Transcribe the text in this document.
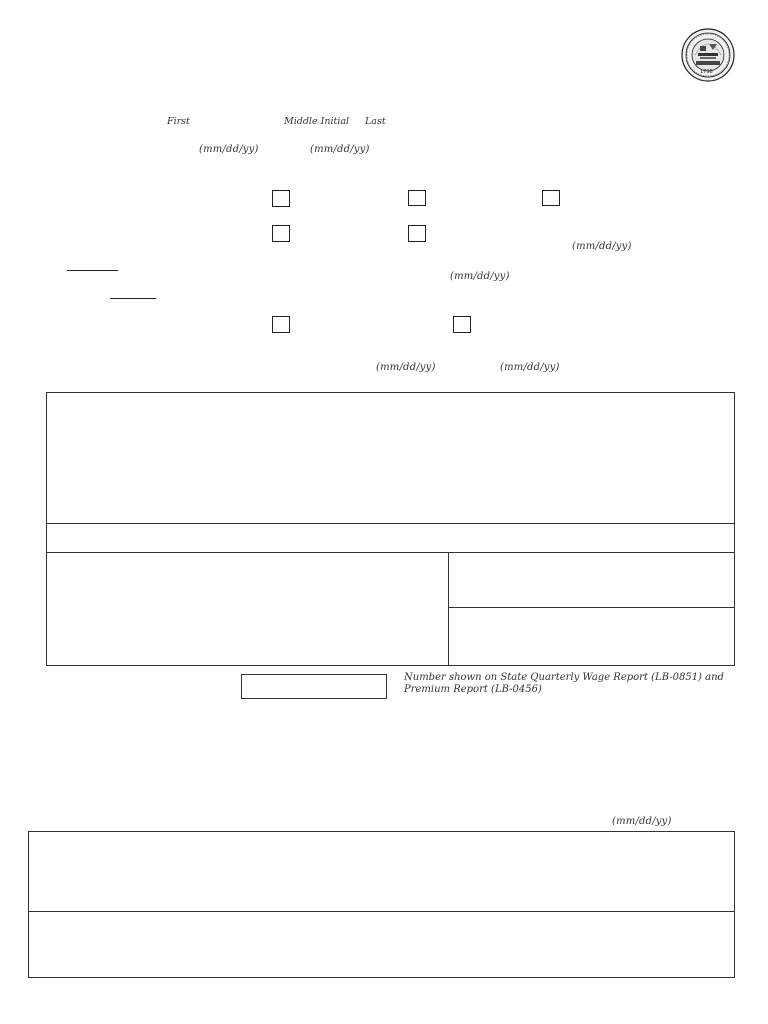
1796
First	Middle Initial Last
(mm/dd/yy)	(mm/dd/yy)
(mm/dd/yy)
(mm/dd/yy)
(mm/dd/yy)	(mm/dd/yy)
Number shown on State Quarterly Wage Report (LB-0851) and
Premium Report (LB-0456)
(mm/dd/yy)
